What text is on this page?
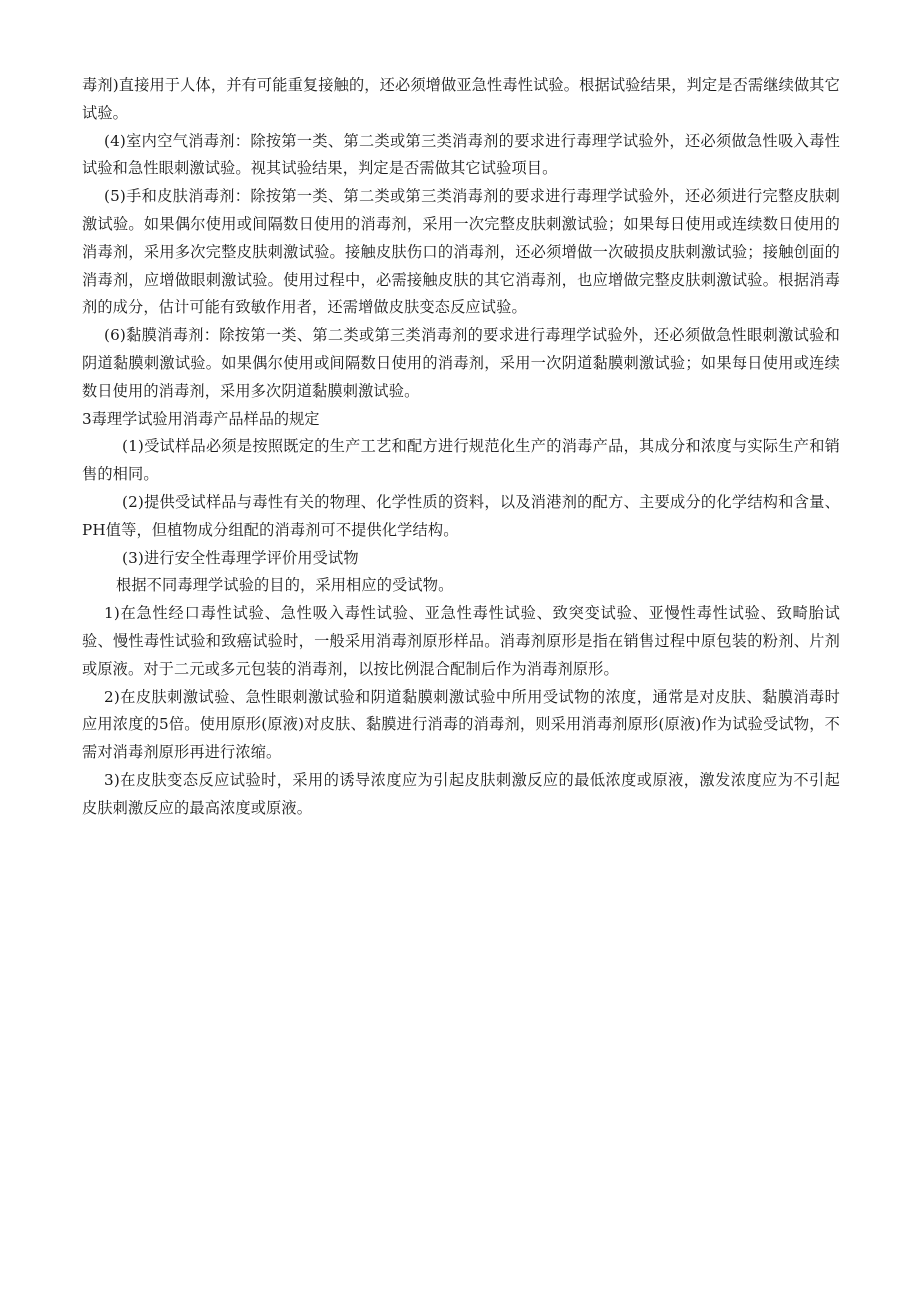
毒剂)直接用于人体，并有可能重复接触的，还必须增做亚急性毒性试验。根据试验结果，判定是否需继续做其它试验。

(4)室内空气消毒剂：除按第一类、第二类或第三类消毒剂的要求进行毒理学试验外，还必须做急性吸入毒性试验和急性眼刺激试验。视其试验结果，判定是否需做其它试验项目。

(5)手和皮肤消毒剂：除按第一类、第二类或第三类消毒剂的要求进行毒理学试验外，还必须进行完整皮肤刺激试验。如果偶尔使用或间隔数日使用的消毒剂，采用一次完整皮肤刺激试验；如果每日使用或连续数日使用的消毒剂，采用多次完整皮肤刺激试验。接触皮肤伤口的消毒剂，还必须增做一次破损皮肤刺激试验；接触创面的消毒剂，应增做眼刺激试验。使用过程中，必需接触皮肤的其它消毒剂，也应增做完整皮肤刺激试验。根据消毒剂的成分，估计可能有致敏作用者，还需增做皮肤变态反应试验。

(6)黏膜消毒剂：除按第一类、第二类或第三类消毒剂的要求进行毒理学试验外，还必须做急性眼刺激试验和阴道黏膜刺激试验。如果偶尔使用或间隔数日使用的消毒剂，采用一次阴道黏膜刺激试验；如果每日使用或连续数日使用的消毒剂，采用多次阴道黏膜刺激试验。

3毒理学试验用消毒产品样品的规定

(1)受试样品必须是按照既定的生产工艺和配方进行规范化生产的消毒产品，其成分和浓度与实际生产和销售的相同。

(2)提供受试样品与毒性有关的物理、化学性质的资料，以及消港剂的配方、主要成分的化学结构和含量、PH值等，但植物成分组配的消毒剂可不提供化学结构。

(3)进行安全性毒理学评价用受试物

根据不同毒理学试验的目的，采用相应的受试物。

1)在急性经口毒性试验、急性吸入毒性试验、亚急性毒性试验、致突变试验、亚慢性毒性试验、致畸胎试验、慢性毒性试验和致癌试验时，一般采用消毒剂原形样品。消毒剂原形是指在销售过程中原包装的粉剂、片剂或原液。对于二元或多元包装的消毒剂，以按比例混合配制后作为消毒剂原形。

2)在皮肤刺激试验、急性眼刺激试验和阴道黏膜刺激试验中所用受试物的浓度，通常是对皮肤、黏膜消毒时应用浓度的5倍。使用原形(原液)对皮肤、黏膜进行消毒的消毒剂，则采用消毒剂原形(原液)作为试验受试物，不需对消毒剂原形再进行浓缩。

3)在皮肤变态反应试验时，采用的诱导浓度应为引起皮肤刺激反应的最低浓度或原液，激发浓度应为不引起皮肤刺激反应的最高浓度或原液。
